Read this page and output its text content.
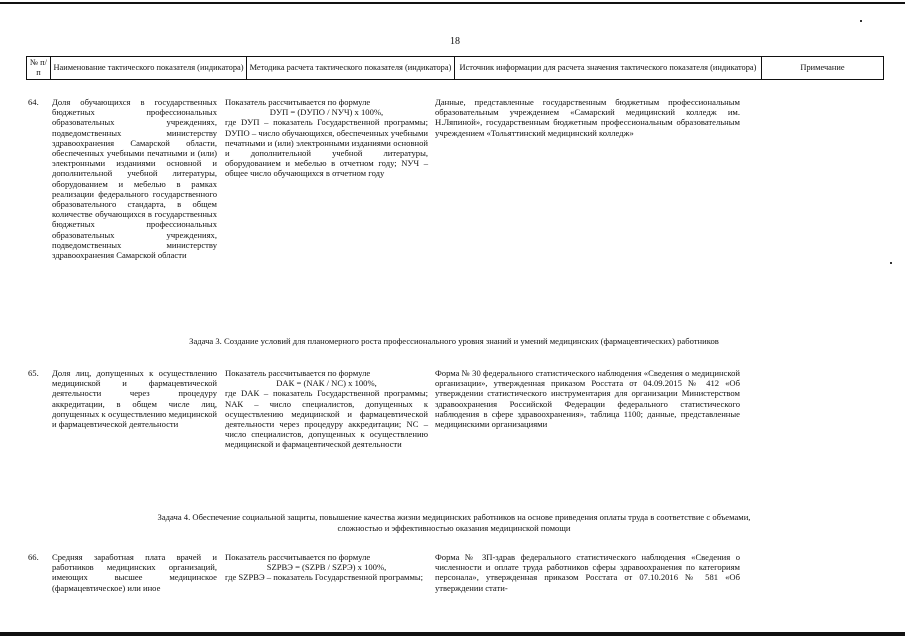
18
№ п/п
Наименование тактического показателя (индикатора) Методика расчета тактического показателя (индикатора) Источник информации для расчета значения тактического показателя (индикатора)	Примечание
64. Доля обучающихся в государственных бюджетных профессиональных образовательных учреждениях, подведомственных министерству здравоохранения Самарской области, обеспеченных учебными печатными и (или) электронными изданиями основной и дополнительной учебной литературы, оборудованием и мебелью в рамках реализации федерального государственного образовательного стандарта, в общем количестве обучающихся в государственных бюджетных профессиональных образовательных учреждениях, подведомственных министерству здравоохранения Самарской области
Показатель рассчитывается по формуле
DУП = (DУПО / NУЧ) x 100%,
где DУП – показатель Государственной программы; DУПО – число обучающихся, обеспеченных учебными печатными и (или) электронными изданиями основной и дополнительной учебной литературы, оборудованием и мебелью в отчетном году; NУЧ – общее число обучающихся в отчетном году
Данные, представленные государственным бюджетным профессиональным образовательным учреждением «Самарский медицинский колледж им. Н.Ляпиной», государственным бюджетным профессиональным образовательным учреждением «Тольяттинский медицинский колледж»
Задача 3. Создание условий для планомерного роста профессионального уровня знаний и умений медицинских (фармацевтических) работников
65. Доля лиц, допущенных к осуществлению медицинской и фармацевтической деятельности через процедуру аккредитации, в общем числе лиц, допущенных к осуществлению медицинской и фармацевтической деятельности
Показатель рассчитывается по формуле
DАК = (NАК / NС) x 100%,
где DАК – показатель Государственной программы; NАК – число специалистов, допущенных к осуществлению медицинской и фармацевтической деятельности через процедуру аккредитации; NС – число специалистов, допущенных к осуществлению медицинской и фармацевтической деятельности
Форма № 30 федерального статистического наблюдения «Сведения о медицинской организации», утвержденная приказом Росстата от 04.09.2015 № 412 «Об утверждении статистического инструментария для организации Министерством здравоохранения Российской Федерации федерального статистического наблюдения в сфере здравоохранения», таблица 1100; данные, представленные медицинскими организациями
Задача 4. Обеспечение социальной защиты, повышение качества жизни медицинских работников на основе приведения оплаты труда в соответствие с объемами,
сложностью и эффективностью оказания медицинской помощи
66. Средняя заработная плата врачей и работников медицинских организаций, имеющих высшее медицинское (фармацевтическое) или иное
Показатель рассчитывается по формуле
SZPВЭ = (SZPВ / SZPЭ) x 100%,
где SZPВЭ – показатель Государственной программы;
Форма № ЗП-здрав федерального статистического наблюдения «Сведения о численности и оплате труда работников сферы здравоохранения по категориям персонала», утвержденная приказом Росстата от 07.10.2016 № 581 «Об утверждении стати-
